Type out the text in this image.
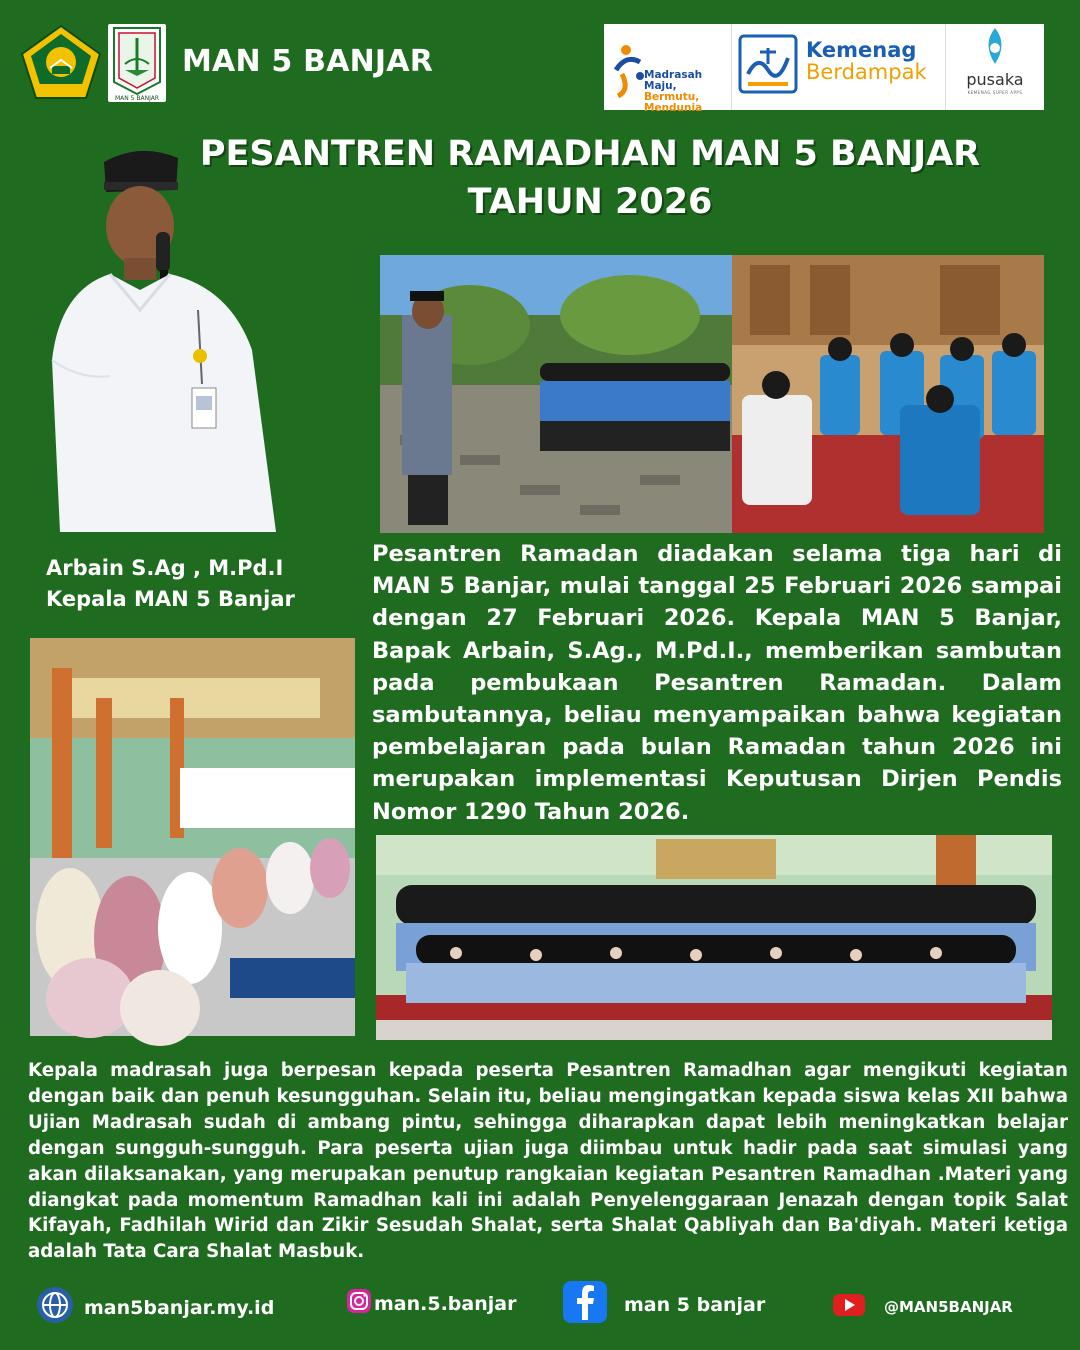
MAN 5 BANJAR
MAN 5 BANJAR	Madrasah Maju,
Bermutu,
Mendunia
Kemenag
Berdampak	pusaka
KEMENAG SUPER APPS
PESANTREN RAMADHAN MAN 5 BANJAR
TAHUN 2026
Arbain S.Ag , M.Pd.I
Kepala MAN 5 Banjar
Pesantren Ramadan diadakan selama tiga hari di MAN 5 Banjar, mulai tanggal 25 Februari 2026 sampai dengan 27 Februari 2026. Kepala MAN 5 Banjar, Bapak Arbain, S.Ag., M.Pd.I., memberikan sambutan pada pembukaan Pesantren Ramadan. Dalam sambutannya, beliau menyampaikan bahwa kegiatan pembelajaran pada bulan Ramadan tahun 2026 ini merupakan implementasi Keputusan Dirjen Pendis Nomor 1290 Tahun 2026.
Kepala madrasah juga berpesan kepada peserta Pesantren Ramadhan agar mengikuti kegiatan dengan baik dan penuh kesungguhan. Selain itu, beliau mengingatkan kepada siswa kelas XII bahwa Ujian Madrasah sudah di ambang pintu, sehingga diharapkan dapat lebih meningkatkan belajar dengan sungguh-sungguh. Para peserta ujian juga diimbau untuk hadir pada saat simulasi yang akan dilaksanakan, yang merupakan penutup rangkaian kegiatan Pesantren Ramadhan .Materi yang diangkat pada momentum Ramadhan kali ini adalah Penyelenggaraan Jenazah dengan topik Salat Kifayah, Fadhilah Wirid dan Zikir Sesudah Shalat, serta Shalat Qabliyah dan Ba'diyah. Materi ketiga adalah Tata Cara Shalat Masbuk.
man5banjar.my.id	man.5.banjar	man 5 banjar	@MAN5BANJAR
